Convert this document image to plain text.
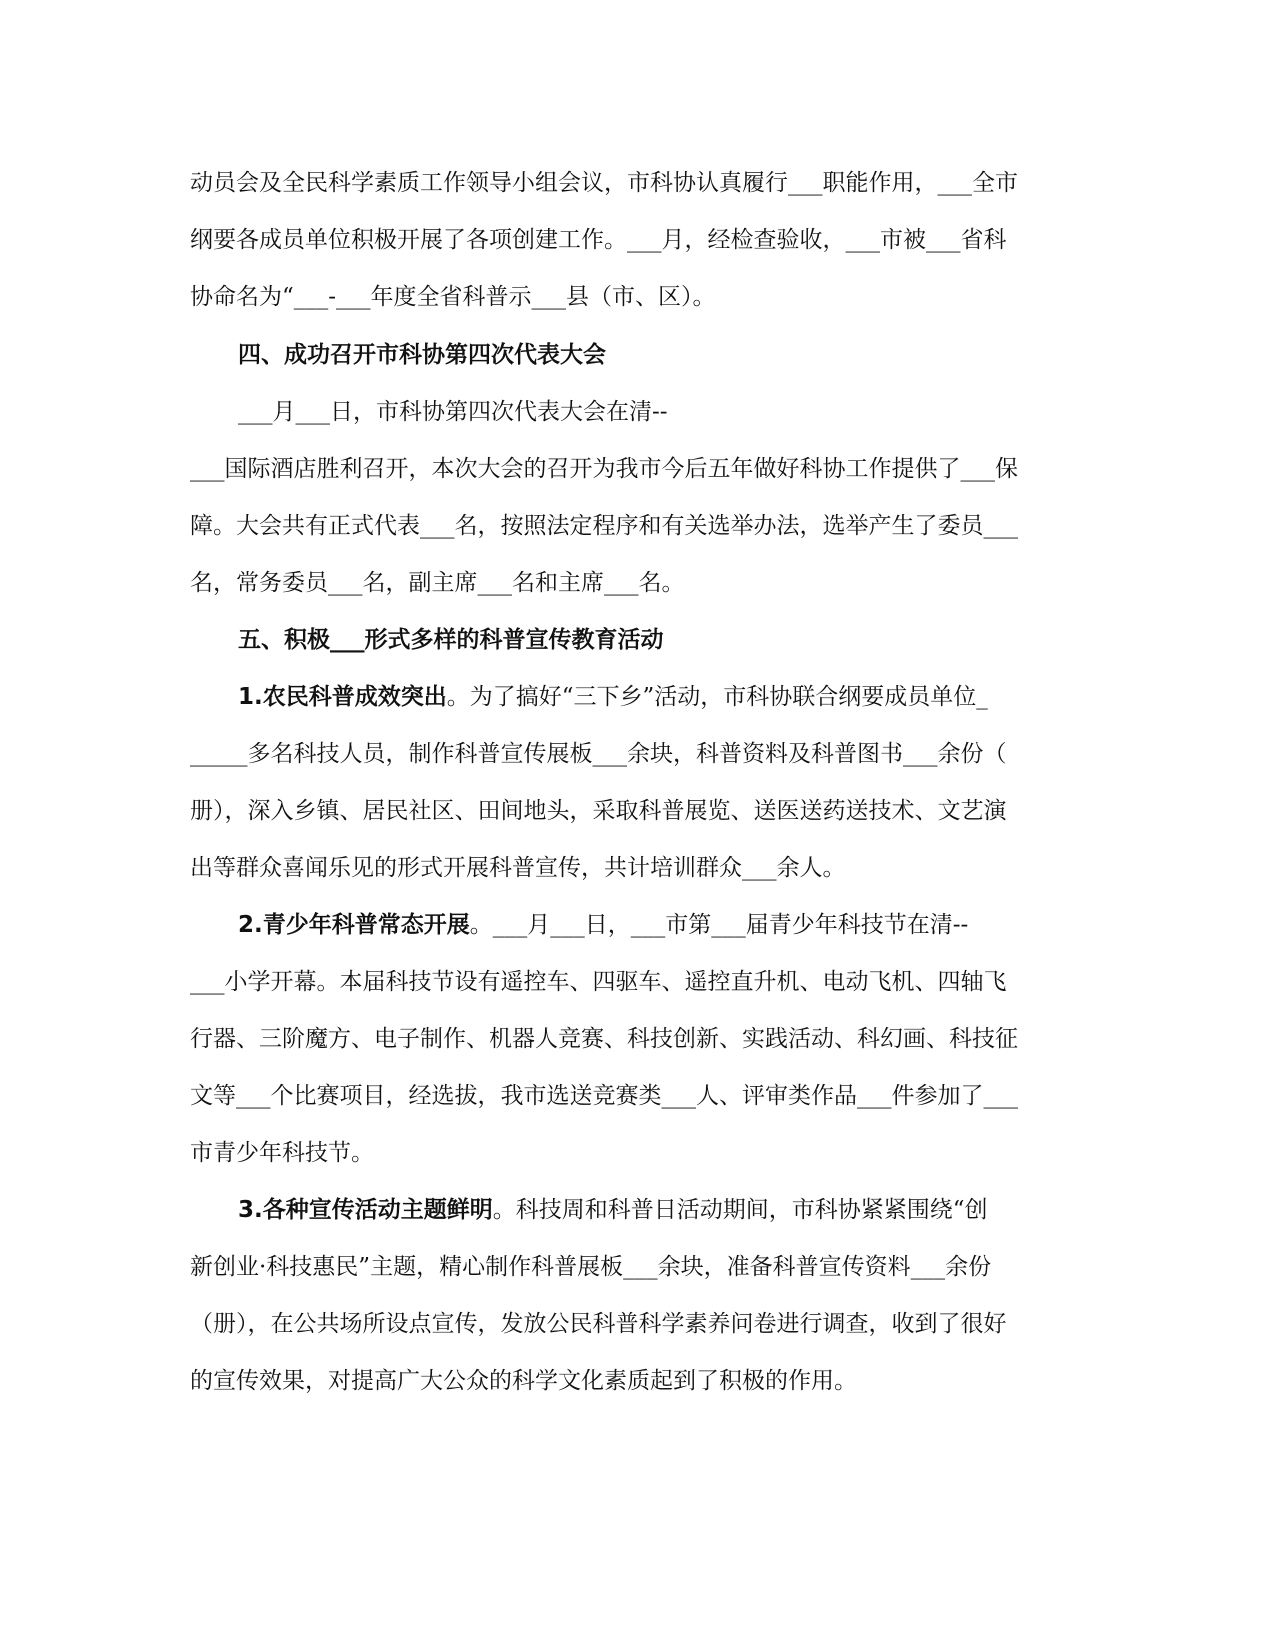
动员会及全民科学素质工作领导小组会议，市科协认真履行___职能作用，___全市
纲要各成员单位积极开展了各项创建工作。___月，经检查验收，___市被___省科
协命名为“___-___年度全省科普示___县（市、区）。
四、成功召开市科协第四次代表大会
___月___日，市科协第四次代表大会在清--
___国际酒店胜利召开，本次大会的召开为我市今后五年做好科协工作提供了___保
障。大会共有正式代表___名，按照法定程序和有关选举办法，选举产生了委员___
名，常务委员___名，副主席___名和主席___名。
五、积极___形式多样的科普宣传教育活动
1.农民科普成效突出。为了搞好“三下乡”活动，市科协联合纲要成员单位_
_____多名科技人员，制作科普宣传展板___余块，科普资料及科普图书___余份（
册），深入乡镇、居民社区、田间地头，采取科普展览、送医送药送技术、文艺演
出等群众喜闻乐见的形式开展科普宣传，共计培训群众___余人。
2.青少年科普常态开展。___月___日，___市第___届青少年科技节在清--
___小学开幕。本届科技节设有遥控车、四驱车、遥控直升机、电动飞机、四轴飞
行器、三阶魔方、电子制作、机器人竞赛、科技创新、实践活动、科幻画、科技征
文等___个比赛项目，经选拔，我市选送竞赛类___人、评审类作品___件参加了___
市青少年科技节。
3.各种宣传活动主题鲜明。科技周和科普日活动期间，市科协紧紧围绕“创
新创业·科技惠民”主题，精心制作科普展板___余块，准备科普宣传资料___余份
（册），在公共场所设点宣传，发放公民科普科学素养问卷进行调查，收到了很好
的宣传效果，对提高广大公众的科学文化素质起到了积极的作用。
